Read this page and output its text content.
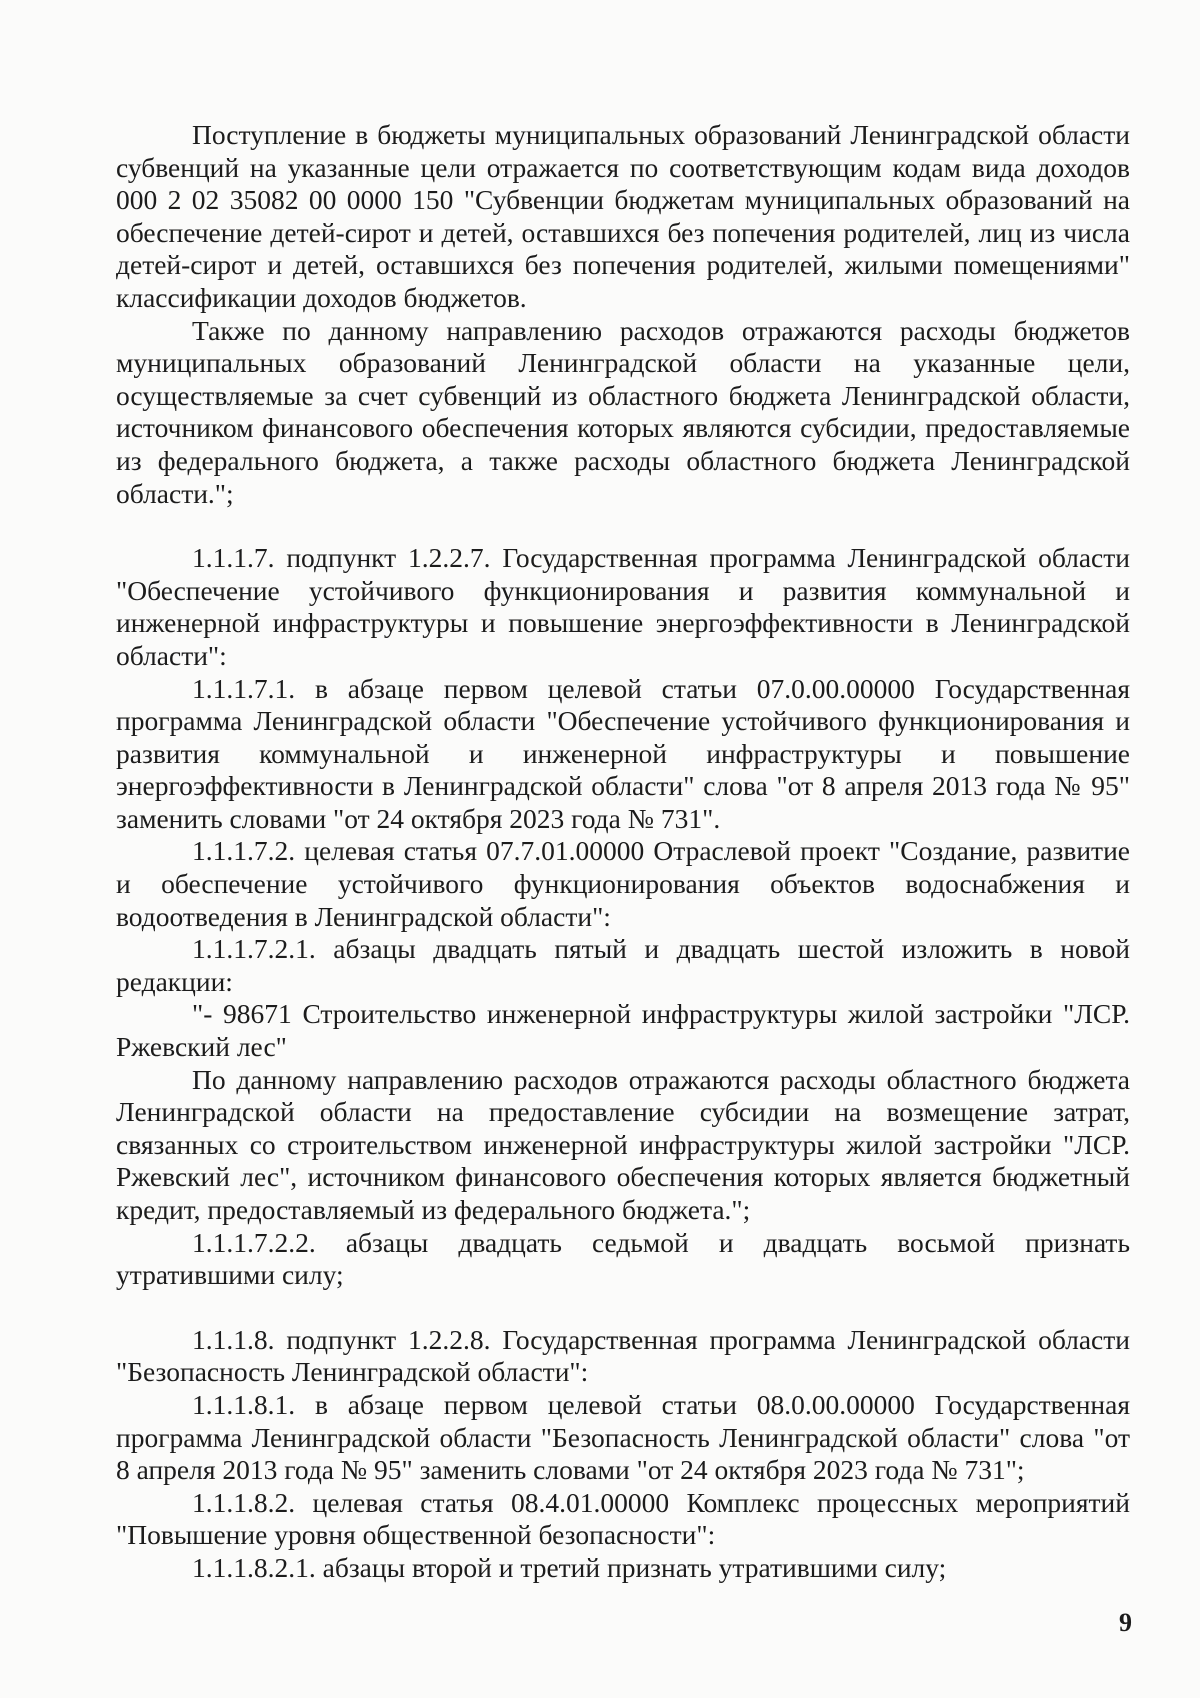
Поступление в бюджеты муниципальных образований Ленинградской области субвенций на указанные цели отражается по соответствующим кодам вида доходов 000 2 02 35082 00 0000 150 "Субвенции бюджетам муниципальных образований на обеспечение детей-сирот и детей, оставшихся без попечения родителей, лиц из числа детей-сирот и детей, оставшихся без попечения родителей, жилыми помещениями" классификации доходов бюджетов.

Также по данному направлению расходов отражаются расходы бюджетов муниципальных образований Ленинградской области на указанные цели, осуществляемые за счет субвенций из областного бюджета Ленинградской области, источником финансового обеспечения которых являются субсидии, предоставляемые из федерального бюджета, а также расходы областного бюджета Ленинградской области.";

1.1.1.7. подпункт 1.2.2.7. Государственная программа Ленинградской области "Обеспечение устойчивого функционирования и развития коммунальной и инженерной инфраструктуры и повышение энергоэффективности в Ленинградской области":

1.1.1.7.1. в абзаце первом целевой статьи 07.0.00.00000 Государственная программа Ленинградской области "Обеспечение устойчивого функционирования и развития коммунальной и инженерной инфраструктуры и повышение энергоэффективности в Ленинградской области" слова "от 8 апреля 2013 года № 95" заменить словами "от 24 октября 2023 года № 731".

1.1.1.7.2. целевая статья 07.7.01.00000 Отраслевой проект "Создание, развитие и обеспечение устойчивого функционирования объектов водоснабжения и водоотведения в Ленинградской области":

1.1.1.7.2.1. абзацы двадцать пятый и двадцать шестой изложить в новой редакции:

"- 98671 Строительство инженерной инфраструктуры жилой застройки "ЛСР. Ржевский лес"

По данному направлению расходов отражаются расходы областного бюджета Ленинградской области на предоставление субсидии на возмещение затрат, связанных со строительством инженерной инфраструктуры жилой застройки "ЛСР. Ржевский лес", источником финансового обеспечения которых является бюджетный кредит, предоставляемый из федерального бюджета.";

1.1.1.7.2.2. абзацы двадцать седьмой и двадцать восьмой признать утратившими силу;

1.1.1.8. подпункт 1.2.2.8. Государственная программа Ленинградской области "Безопасность Ленинградской области":

1.1.1.8.1. в абзаце первом целевой статьи 08.0.00.00000 Государственная программа Ленинградской области "Безопасность Ленинградской области" слова "от 8 апреля 2013 года № 95" заменить словами "от 24 октября 2023 года № 731";

1.1.1.8.2. целевая статья 08.4.01.00000 Комплекс процессных мероприятий "Повышение уровня общественной безопасности":

1.1.1.8.2.1. абзацы второй и третий признать утратившими силу;

9
